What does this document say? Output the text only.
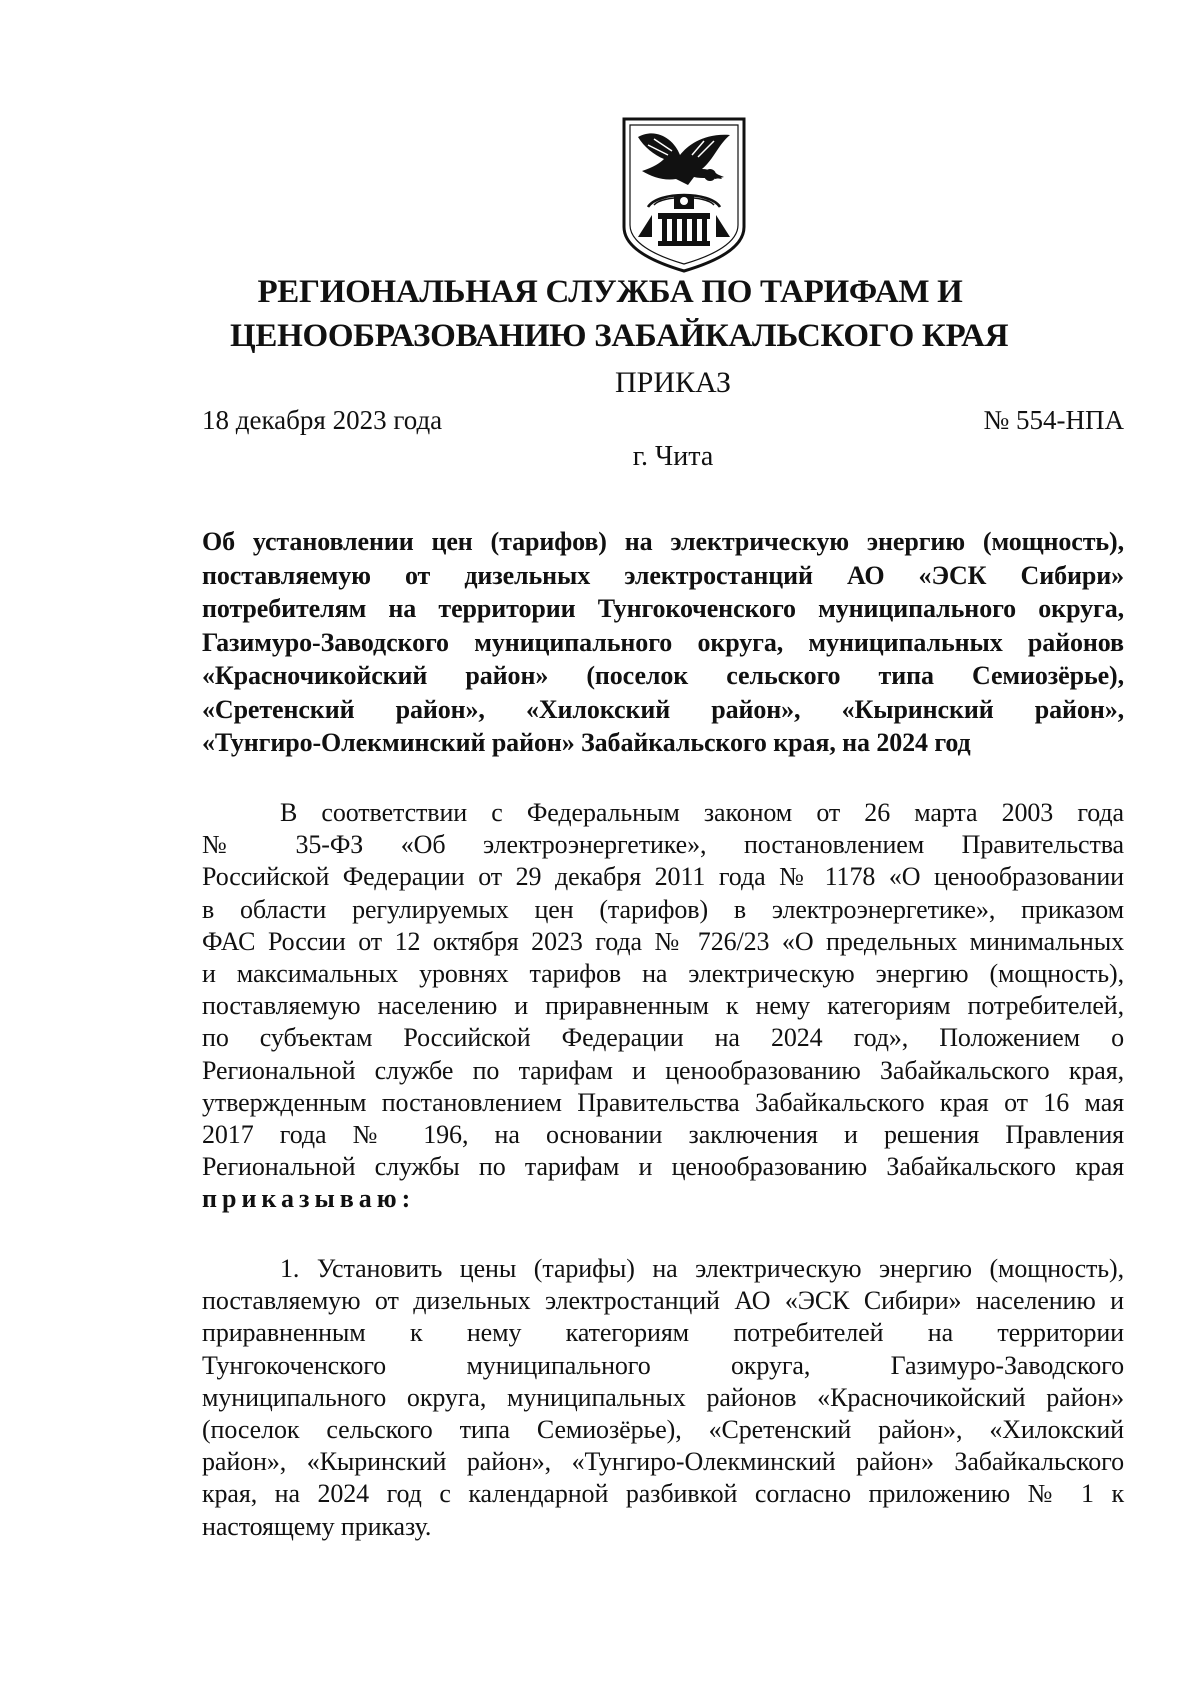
РЕГИОНАЛЬНАЯ СЛУЖБА ПО ТАРИФАМ И
ЦЕНООБРАЗОВАНИЮ ЗАБАЙКАЛЬСКОГО КРАЯ
ПРИКАЗ
18 декабря 2023 года	№ 554-НПА
г. Чита
Об установлении цен (тарифов) на электрическую энергию (мощность),
поставляемую от дизельных электростанций АО «ЭСК Сибири»
потребителям на территории Тунгокоченского муниципального округа,
Газимуро-Заводского муниципального округа, муниципальных районов
«Красночикойский район» (поселок сельского типа Семиозёрье),
«Сретенский район», «Хилокский район», «Кыринский район»,
«Тунгиро-Олекминский район» Забайкальского края, на 2024 год
В соответствии с Федеральным законом от 26 марта 2003 года
№ 35-ФЗ «Об электроэнергетике», постановлением Правительства
Российской Федерации от 29 декабря 2011 года № 1178 «О ценообразовании
в области регулируемых цен (тарифов) в электроэнергетике», приказом
ФАС России от 12 октября 2023 года № 726/23 «О предельных минимальных
и максимальных уровнях тарифов на электрическую энергию (мощность),
поставляемую населению и приравненным к нему категориям потребителей,
по субъектам Российской Федерации на 2024 год», Положением о
Региональной службе по тарифам и ценообразованию Забайкальского края,
утвержденным постановлением Правительства Забайкальского края от 16 мая
2017 года № 196, на основании заключения и решения Правления
Региональной службы по тарифам и ценообразованию Забайкальского края
приказываю:
1. Установить цены (тарифы) на электрическую энергию (мощность),
поставляемую от дизельных электростанций АО «ЭСК Сибири» населению и
приравненным к нему категориям потребителей на территории
Тунгокоченского муниципального округа, Газимуро-Заводского
муниципального округа, муниципальных районов «Красночикойский район»
(поселок сельского типа Семиозёрье), «Сретенский район», «Хилокский
район», «Кыринский район», «Тунгиро-Олекминский район» Забайкальского
края, на 2024 год с календарной разбивкой согласно приложению № 1 к
настоящему приказу.
